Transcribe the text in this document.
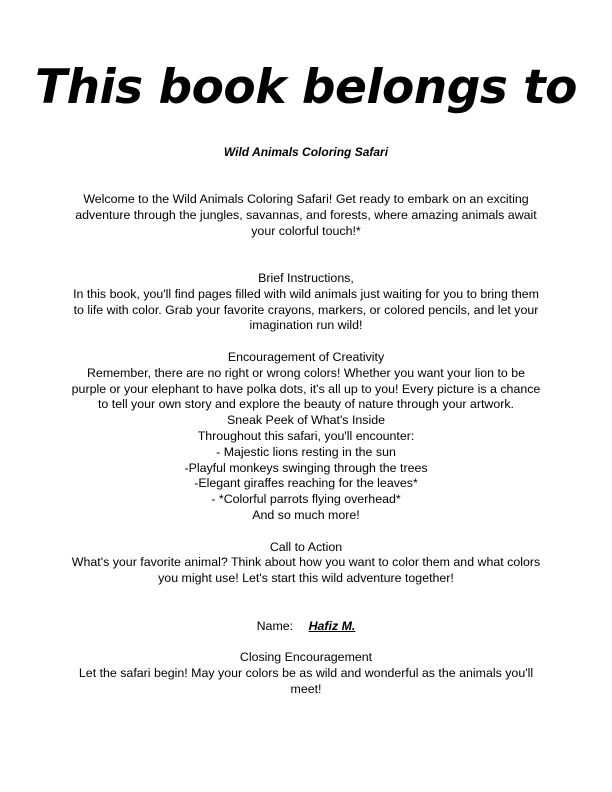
This book belongs to

Wild Animals Coloring Safari

Welcome to the Wild Animals Coloring Safari! Get ready to embark on an exciting adventure through the jungles, savannas, and forests, where amazing animals await your colorful touch!*

Brief Instructions,

In this book, you'll find pages filled with wild animals just waiting for you to bring them to life with color. Grab your favorite crayons, markers, or colored pencils, and let your imagination run wild!

Encouragement of Creativity

Remember, there are no right or wrong colors! Whether you want your lion to be purple or your elephant to have polka dots, it's all up to you! Every picture is a chance to tell your own story and explore the beauty of nature through your artwork.

Sneak Peek of What's Inside

Throughout this safari, you'll encounter:

- Majestic lions resting in the sun

-Playful monkeys swinging through the trees

-Elegant giraffes reaching for the leaves*

- *Colorful parrots flying overhead*

And so much more!

Call to Action

What's your favorite animal? Think about how you want to color them and what colors you might use! Let's start this wild adventure together!

Name: Hafiz M.

Closing Encouragement

Let the safari begin! May your colors be as wild and wonderful as the animals you'll meet!
